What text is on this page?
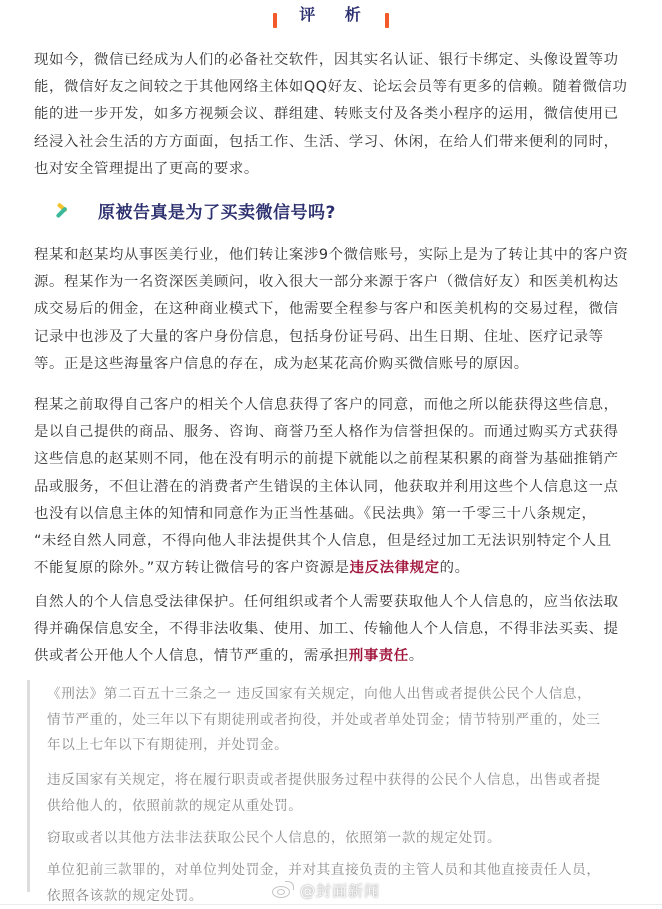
评 析
现如今，微信已经成为人们的必备社交软件，因其实名认证、银行卡绑定、头像设置等功
能，微信好友之间较之于其他网络主体如QQ好友、论坛会员等有更多的信赖。随着微信功
能的进一步开发，如多方视频会议、群组建、转账支付及各类小程序的运用，微信使用已
经浸入社会生活的方方面面，包括工作、生活、学习、休闲，在给人们带来便利的同时，
也对安全管理提出了更高的要求。
原被告真是为了买卖微信号吗?
程某和赵某均从事医美行业，他们转让案涉9个微信账号，实际上是为了转让其中的客户资
源。程某作为一名资深医美顾问，收入很大一部分来源于客户（微信好友）和医美机构达
成交易后的佣金，在这种商业模式下，他需要全程参与客户和医美机构的交易过程，微信
记录中也涉及了大量的客户身份信息，包括身份证号码、出生日期、住址、医疗记录等
等。正是这些海量客户信息的存在，成为赵某花高价购买微信账号的原因。
程某之前取得自己客户的相关个人信息获得了客户的同意，而他之所以能获得这些信息，
是以自己提供的商品、服务、咨询、商誉乃至人格作为信誉担保的。而通过购买方式获得
这些信息的赵某则不同，他在没有明示的前提下就能以之前程某积累的商誉为基础推销产
品或服务，不但让潜在的消费者产生错误的主体认同，他获取并利用这些个人信息这一点
也没有以信息主体的知情和同意作为正当性基础。《民法典》第一千零三十八条规定，
“未经自然人同意，不得向他人非法提供其个人信息，但是经过加工无法识别特定个人且
不能复原的除外。”双方转让微信号的客户资源是违反法律规定的。
自然人的个人信息受法律保护。任何组织或者个人需要获取他人个人信息的，应当依法取
得并确保信息安全，不得非法收集、使用、加工、传输他人个人信息，不得非法买卖、提
供或者公开他人个人信息，情节严重的，需承担刑事责任。
《刑法》第二百五十三条之一 违反国家有关规定，向他人出售或者提供公民个人信息，
情节严重的，处三年以下有期徒刑或者拘役，并处或者单处罚金；情节特别严重的，处三
年以上七年以下有期徒刑，并处罚金。
违反国家有关规定，将在履行职责或者提供服务过程中获得的公民个人信息，出售或者提
供给他人的，依照前款的规定从重处罚。
窃取或者以其他方法非法获取公民个人信息的，依照第一款的规定处罚。
单位犯前三款罪的，对单位判处罚金，并对其直接负责的主管人员和其他直接责任人员，
依照各该款的规定处罚。	@封面新闻
